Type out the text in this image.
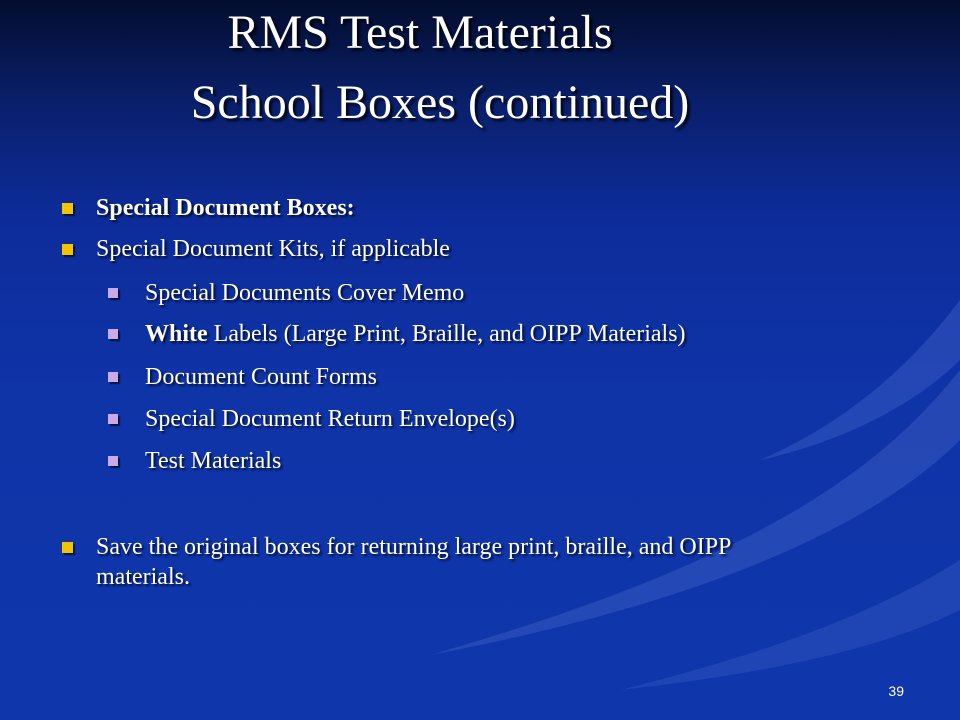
RMS Test Materials
School Boxes (continued)
Special Document Boxes:
Special Document Kits, if applicable
Special Documents Cover Memo
White Labels (Large Print, Braille, and OIPP Materials)
Document Count Forms
Special Document Return Envelope(s)
Test Materials
Save the original boxes for returning large print, braille, and OIPP materials.
39
